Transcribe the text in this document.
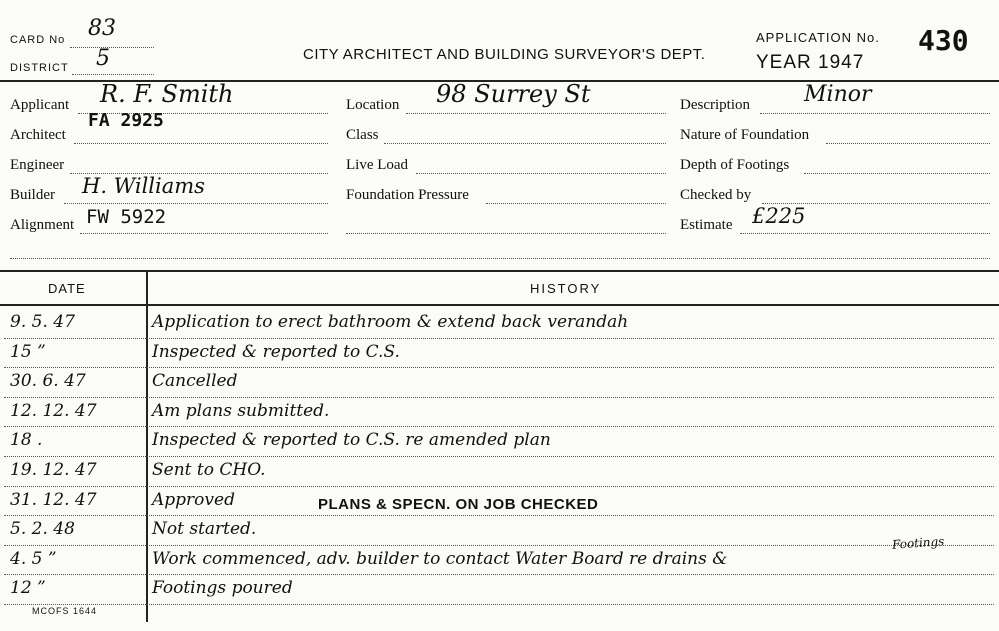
CARD No 83
DISTRICT 5	CITY ARCHITECT AND BUILDING SURVEYOR'S DEPT.
APPLICATION No. 430
YEAR 1947
Applicant R. F. Smith
Architect
FA 2925
Engineer
Builder H. Williams
Alignment FW 5922
Location 98 Surrey St
Class
Live Load
Foundation Pressure
Description Minor
Nature of Foundation
Depth of Footings
Checked by
Estimate £225
DATE	HISTORY
Footings
9. 5. 47	Application to erect bathroom & extend back verandah
15 ”	Inspected & reported to C.S.
30. 6. 47	Cancelled
12. 12. 47	Am plans submitted.
18 .	Inspected & reported to C.S. re amended plan
19. 12. 47	Sent to CHO.
31. 12. 47	Approved
5. 2. 48	Not started.
4. 5 ”	Work commenced, adv. builder to contact Water Board re drains &
12 ”	Footings poured
PLANS & SPECN. ON JOB CHECKED
MCOFS 1644
